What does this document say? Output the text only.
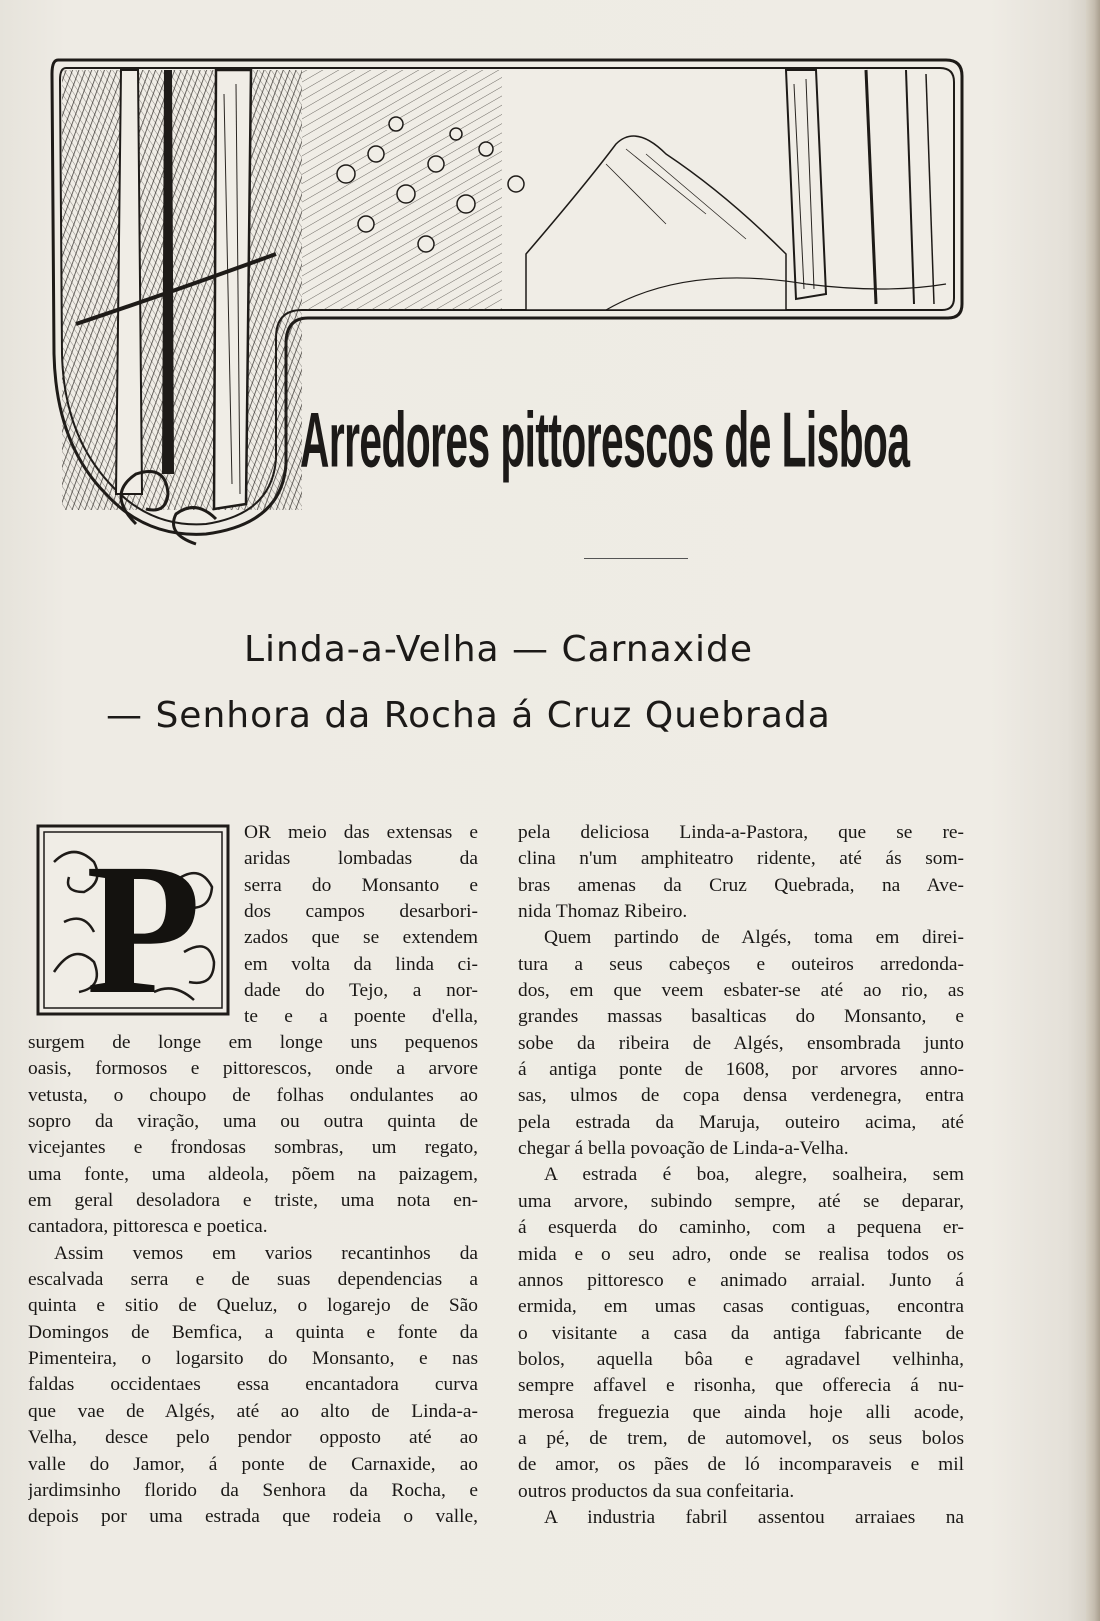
Arredores pittorescos de Lisboa
Linda-a-Velha — Carnaxide
— Senhora da Rocha á Cruz Quebrada
P OR meio das extensas e
aridas lombadas da
serra do Monsanto e
dos campos desarbori-
zados que se extendem
em volta da linda ci-
dade do Tejo, a nor-
te e a poente d'ella,
surgem de longe em longe uns pequenos
oasis, formosos e pittorescos, onde a arvore
vetusta, o choupo de folhas ondulantes ao
sopro da viração, uma ou outra quinta de
vicejantes e frondosas sombras, um regato,
uma fonte, uma aldeola, põem na paizagem,
em geral desoladora e triste, uma nota en-
cantadora, pittoresca e poetica.
Assim vemos em varios recantinhos da
escalvada serra e de suas dependencias a
quinta e sitio de Queluz, o logarejo de São
Domingos de Bemfica, a quinta e fonte da
Pimenteira, o logarsito do Monsanto, e nas
faldas occidentaes essa encantadora curva
que vae de Algés, até ao alto de Linda-a-
Velha, desce pelo pendor opposto até ao
valle do Jamor, á ponte de Carnaxide, ao
jardimsinho florido da Senhora da Rocha, e
depois por uma estrada que rodeia o valle,
pela deliciosa Linda-a-Pastora, que se re-
clina n'um amphiteatro ridente, até ás som-
bras amenas da Cruz Quebrada, na Ave-
nida Thomaz Ribeiro.
Quem partindo de Algés, toma em direi-
tura a seus cabeços e outeiros arredonda-
dos, em que veem esbater-se até ao rio, as
grandes massas basalticas do Monsanto, e
sobe da ribeira de Algés, ensombrada junto
á antiga ponte de 1608, por arvores anno-
sas, ulmos de copa densa verdenegra, entra
pela estrada da Maruja, outeiro acima, até
chegar á bella povoação de Linda-a-Velha.
A estrada é boa, alegre, soalheira, sem
uma arvore, subindo sempre, até se deparar,
á esquerda do caminho, com a pequena er-
mida e o seu adro, onde se realisa todos os
annos pittoresco e animado arraial. Junto á
ermida, em umas casas contiguas, encontra
o visitante a casa da antiga fabricante de
bolos, aquella bôa e agradavel velhinha,
sempre affavel e risonha, que offerecia á nu-
merosa freguezia que ainda hoje alli acode,
a pé, de trem, de automovel, os seus bolos
de amor, os pães de ló incomparaveis e mil
outros productos da sua confeitaria.
A industria fabril assentou arraiaes na
